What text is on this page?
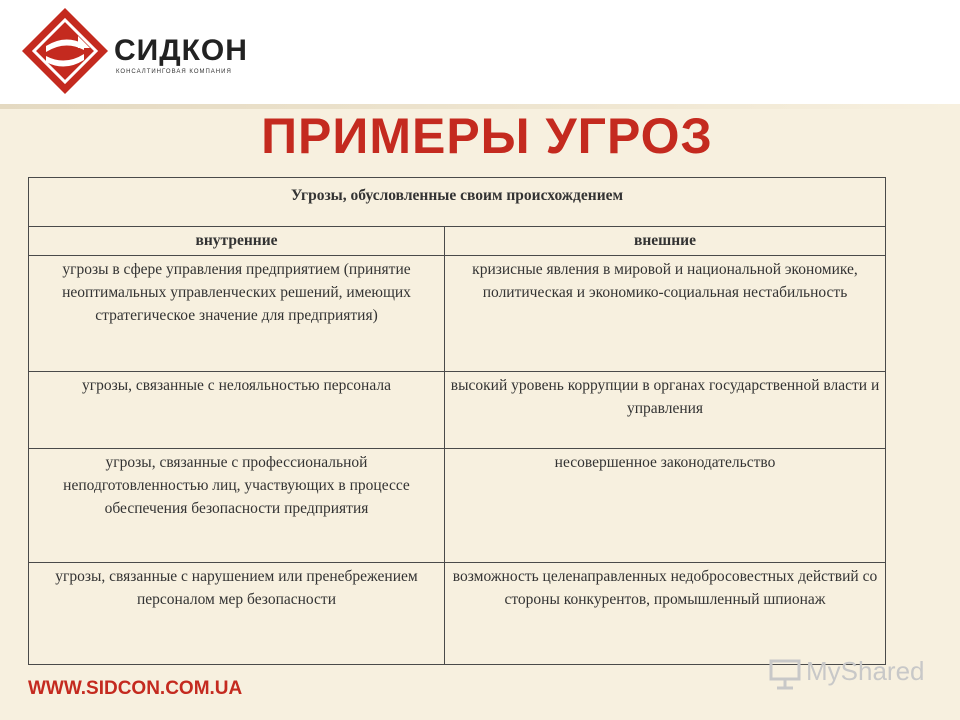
СИДКОН
КОНСАЛТИНГОВАЯ КОМПАНИЯ
ПРИМЕРЫ УГРОЗ
Угрозы, обусловленные своим происхождением	
внутренние	внешние
угрозы в сфере управления предприятием (принятие неоптимальных управленческих решений, имеющих стратегическое значение для предприятия)	кризисные явления в мировой и национальной экономике, политическая и экономико-социальная нестабильность
угрозы, связанные с нелояльностью персонала	высокий уровень коррупции в органах государственной власти и управления
угрозы, связанные с профессиональной неподготовленностью лиц, участвующих в процессе обеспечения безопасности предприятия	несовершенное законодательство
угрозы, связанные с нарушением или пренебрежением персоналом мер безопасности	возможность целенаправленных недобросовестных действий со стороны конкурентов, промышленный шпионаж
MyShared
WWW.SIDCON.COM.UA
